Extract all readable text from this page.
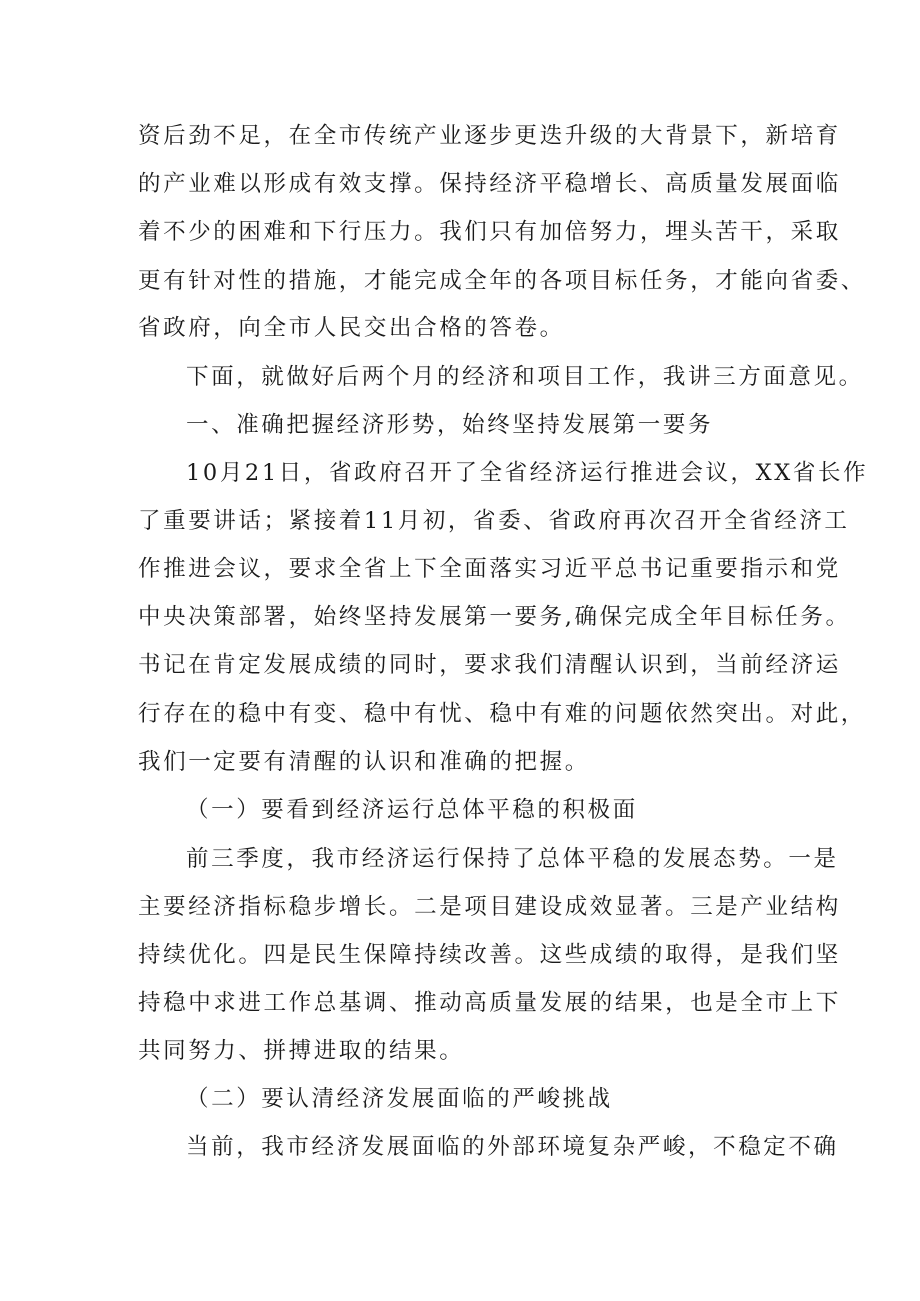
资后劲不足，在全市传统产业逐步更迭升级的大背景下，新培育
的产业难以形成有效支撑。保持经济平稳增长、高质量发展面临
着不少的困难和下行压力。我们只有加倍努力，埋头苦干，采取
更有针对性的措施，才能完成全年的各项目标任务，才能向省委、
省政府，向全市人民交出合格的答卷。
下面，就做好后两个月的经济和项目工作，我讲三方面意见。
一、准确把握经济形势，始终坚持发展第一要务
10月21日，省政府召开了全省经济运行推进会议，XX省长作
了重要讲话；紧接着11月初，省委、省政府再次召开全省经济工
作推进会议，要求全省上下全面落实习近平总书记重要指示和党
中央决策部署，始终坚持发展第一要务,确保完成全年目标任务。
书记在肯定发展成绩的同时，要求我们清醒认识到，当前经济运
行存在的稳中有变、稳中有忧、稳中有难的问题依然突出。对此，
我们一定要有清醒的认识和准确的把握。
（一）要看到经济运行总体平稳的积极面
前三季度，我市经济运行保持了总体平稳的发展态势。一是
主要经济指标稳步增长。二是项目建设成效显著。三是产业结构
持续优化。四是民生保障持续改善。这些成绩的取得，是我们坚
持稳中求进工作总基调、推动高质量发展的结果，也是全市上下
共同努力、拼搏进取的结果。
（二）要认清经济发展面临的严峻挑战
当前，我市经济发展面临的外部环境复杂严峻，不稳定不确
